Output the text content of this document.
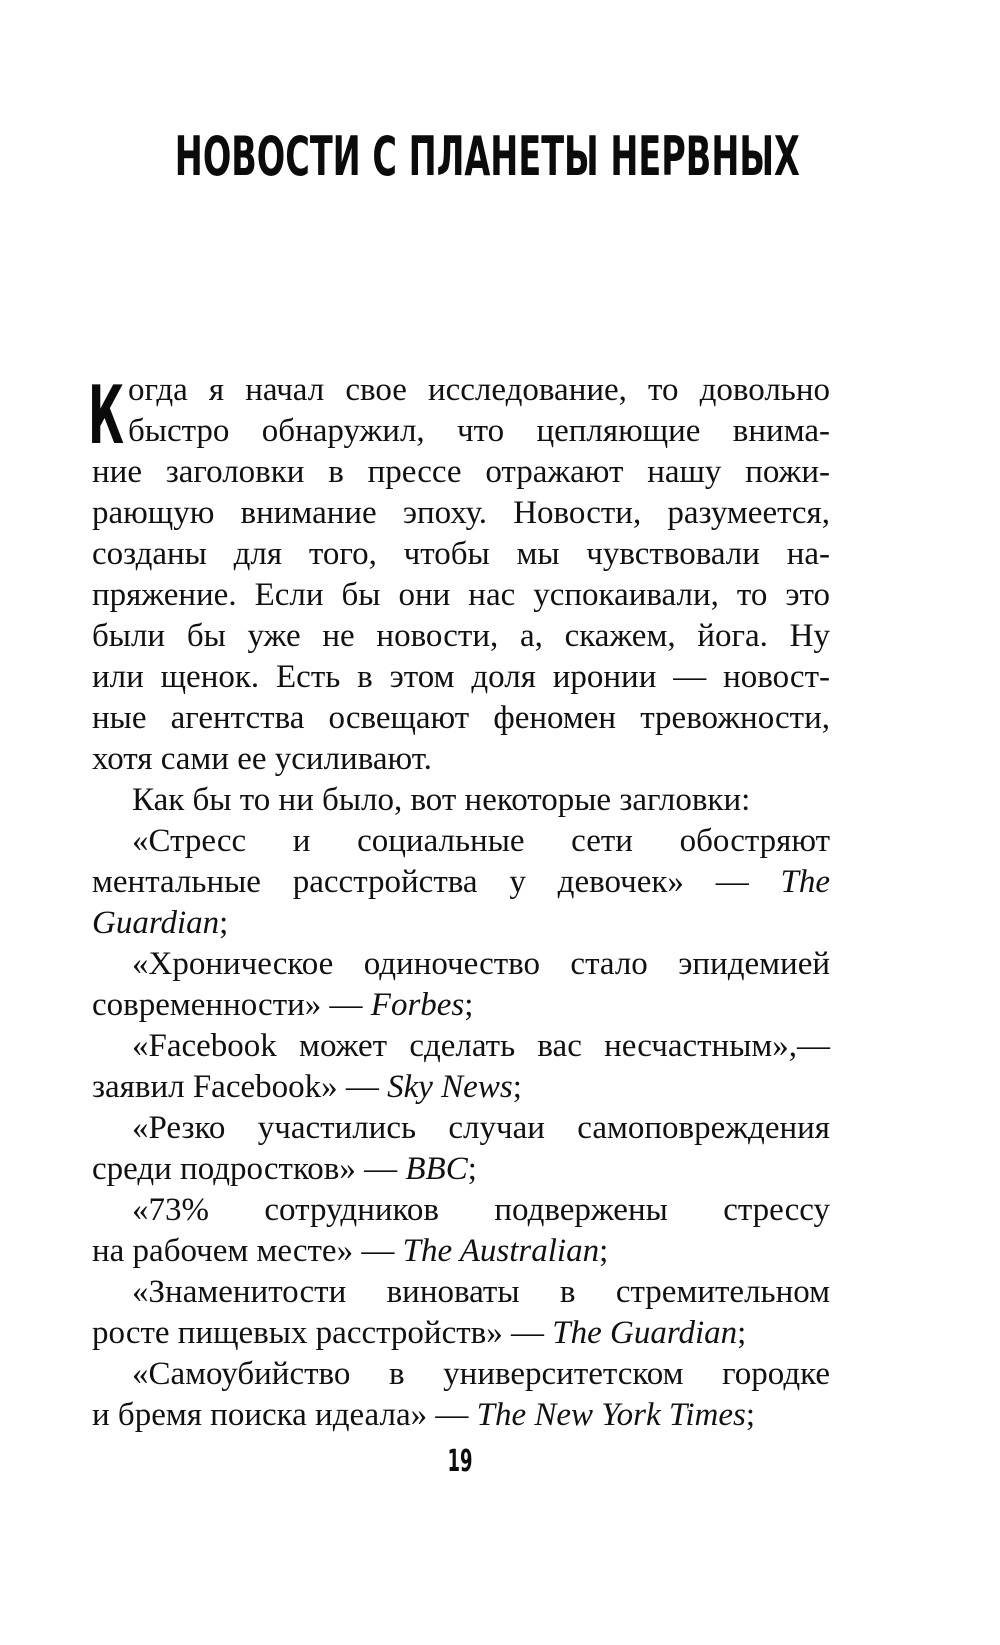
НОВОСТИ С ПЛАНЕТЫ НЕРВНЫХ
К огда я начал свое исследование, то довольно
быстро обнаружил, что цепляющие внима-
ние заголовки в прессе отражают нашу пожи-
рающую внимание эпоху. Новости, разумеется,
созданы для того, чтобы мы чувствовали на-
пряжение. Если бы они нас успокаивали, то это
были бы уже не новости, а, скажем, йога. Ну
или щенок. Есть в этом доля иронии — новост-
ные агентства освещают феномен тревожности,
хотя сами ее усиливают.
Как бы то ни было, вот некоторые загловки:
«Стресс и социальные сети обостряют
ментальные расстройства у девочек» — The
Guardian;
«Хроническое одиночество стало эпидемией
современности» — Forbes;
«Facebook может сделать вас несчастным»,—
заявил Facebook» — Sky News;
«Резко участились случаи самоповреждения
среди подростков» — BBC;
«73% сотрудников подвержены стрессу
на рабочем месте» — The Australian;
«Знаменитости виноваты в стремительном
росте пищевых расстройств» — The Guardian;
«Самоубийство в университетском городке
и бремя поиска идеала» — The New York Times;
19
